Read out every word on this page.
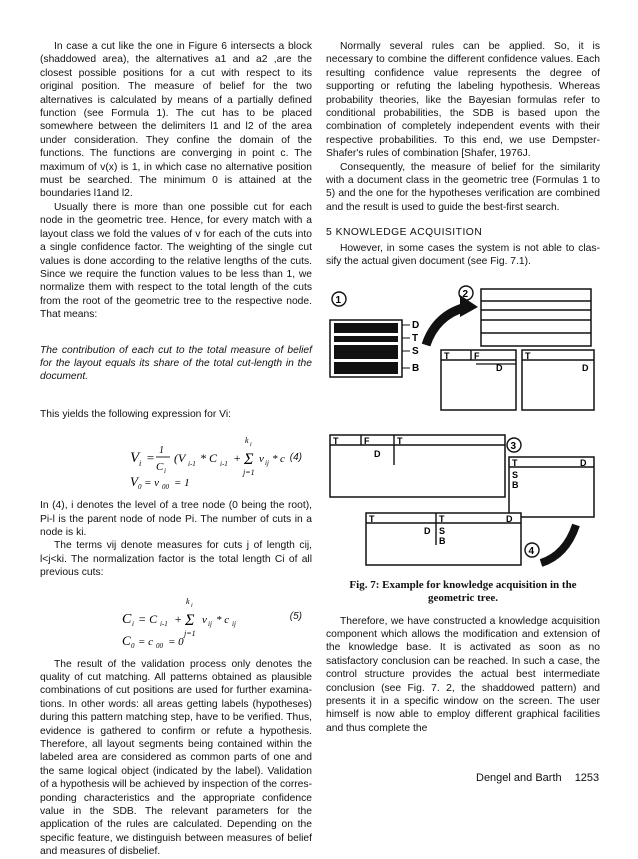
In case a cut like the one in Figure 6 intersects a block (shaddowed area), the alternatives a1 and a2 ,are the closest possible positions for a cut with respect to its original position. The measure of belief for the two alternatives is calculated by means of a partially defined function (see Formula 1). The cut has to be placed somewhere between the delimiters l1 and l2 of the area under consideration. They confine the domain of the functions. The functions are converging in point c. The maximum of v(x) is 1, in which case no alternative position must be searched. The minimum 0 is attained at the boundaries l1and l2.

Usually there is more than one possible cut for each node in the geometric tree. Hence, for every match with a layout class we fold the values of v for each of the cuts into a single confidence factor. The weighting of the single cut values is done according to the relative lengths of the cuts. Since we require the function values to be less than 1, we normalize them with respect to the total length of the cuts from the root of the geometric tree to the respective node. That means:

The contribution of each cut to the total measure of belief for the layout equals its share of the total cut-length in the document.

This yields the following expression for Vi:

V i = 1
C i
(V i-1 * C i-1 + Σ
k i
j=1
v ij * c
V 0 = v 00 = 1
(4)

In (4), i denotes the level of a tree node (0 being the root), Pi-l is the parent node of node Pi. The number of cuts in a node is ki.

The terms vij denote measures for cuts j of length cij, l<j<ki. The normalization factor is the total length Ci of all previous cuts:

C i = C i-1 + Σ
k i
j=1
v ij * c ij
C 0 = c 00 = 0
(5)

The result of the validation process only denotes the quality of cut matching. All patterns obtained as plausible combinations of cut positions are used for further examinations. In other words: all areas getting labels (hypotheses) during this pattern matching step, have to be verified. Thus, evidence is gathered to confirm or refute a hypothesis. Therefore, all layout segments being contained within the labeled area are considered as common parts of one and the same logical object (indicated by the label). Validation of a hypothesis will be achieved by inspection of the corresponding characteristics and the appropriate confidence value in the SDB. The relevant parameters for the application of the rules are calculated. Depending on the specific feature, we distinguish between measures of belief and measures of disbelief.

Normally several rules can be applied. So, it is necessary to combine the different confidence values. Each resulting confidence value represents the degree of supporting or refuting the labeling hypothesis. Whereas probability theories, like the Bayesian formulas refer to conditional probabilities, the SDB is based upon the combination of completely independent events with their respective probabilities. To this end, we use Dempster-Shafer's rules of combination [Shafer, 1976J.

Consequently, the measure of belief for the similarity with a document class in the geometric tree (Formulas 1 to 5) and the one for the hypotheses verification are combined and the result is used to guide the best-first search.

5 KNOWLEDGE ACQUISITION

However, in some cases the system is not able to classify the actual given document (see Fig. 7.1).

1
D
T
S
B
2
T	F
D
T
D
T	F	T
D
3
T	D
S
B
T	T	D
S
B
D
4
Fig. 7: Example for knowledge acquisition in the
geometric tree.

Therefore, we have constructed a knowledge acquisition component which allows the modification and extension of the knowledge base. It is activated as soon as no satisfactory conclusion can be reached. In such a case, the control structure provides the actual best intermediate conclusion (see Fig. 7. 2, the shaddowed pattern) and presents it in a specific window on the screen. The user himself is now able to employ different graphical facilities and thus complete the

Dengel and Barth 1253
